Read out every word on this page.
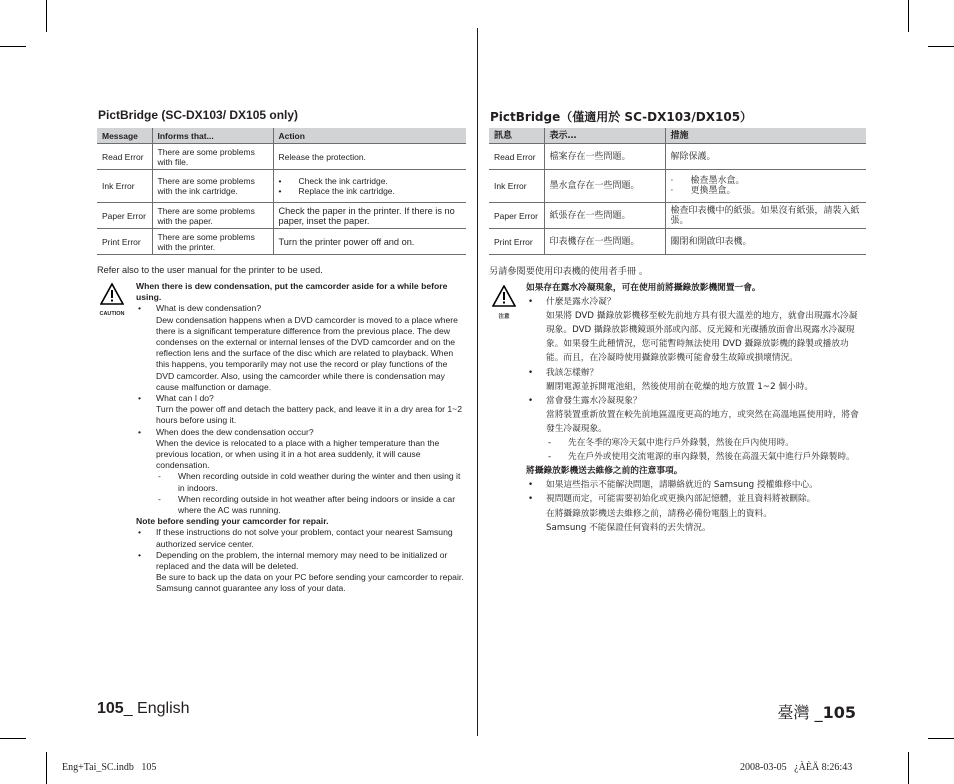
PictBridge (SC-DX103/ DX105 only)
Message	Informs that...	Action
Read Error	There are some problems with file.	Release the protection.
Ink Error	There are some problems with the ink cartridge.	• Check the ink cartridge.
• Replace the ink cartridge.

Paper Error	There are some problems with the paper.	Check the paper in the printer. If there is no paper, inset the paper.
Print Error	There are some problems with the printer.	Turn the printer power off and on.
Refer also to the user manual for the printer to be used.
CAUTION

When there is dew condensation, put the camcorder aside for a while before using.

•	What is dew condensation?
Dew condensation happens when a DVD camcorder is moved to a place where there is a significant temperature difference from the previous place. The dew condenses on the external or internal lenses of the DVD camcorder and on the reflection lens and the surface of the disc which are related to playback. When this happens, you temporarily may not use the record or play functions of the DVD camcorder. Also, using the camcorder while there is condensation may cause malfunction or damage.
•	What can I do?
Turn the power off and detach the battery pack, and leave it in a dry area for 1~2 hours before using it.
•	When does the dew condensation occur?
When the device is relocated to a place with a higher temperature than the previous location, or when using it in a hot area suddenly, it will cause condensation.
-	When recording outside in cold weather during the winter and then using it in indoors.
-	When recording outside in hot weather after being indoors or inside a car where the AC was running.

Note before sending your camcorder for repair.

•	If these instructions do not solve your problem, contact your nearest Samsung authorized service center.
•	Depending on the problem, the internal memory may need to be initialized or replaced and the data will be deleted.
Be sure to back up the data on your PC before sending your camcorder to repair.
Samsung cannot guarantee any loss of your data.
105_ English
PictBridge（僅適用於 SC-DX103/DX105）
訊息	表示…	措施
Read Error	檔案存在一些問題。	解除保護。
Ink Error	墨水盒存在一些問題。	· 檢查墨水盒。
· 更換墨盒。

Paper Error	紙張存在一些問題。	檢查印表機中的紙張。如果沒有紙張，請裝入紙張。
Print Error	印表機存在一些問題。	關閉和開啟印表機。
另請參閱要使用印表機的使用者手冊 。
注意

如果存在露水冷凝現象，可在使用前將攝錄放影機閒置一會。

•	什麼是露水冷凝？
如果將 DVD 攝錄放影機移至較先前地方具有很大溫差的地方，就會出現露水冷凝現象。DVD 攝錄放影機鏡頭外部或內部、反光鏡和光碟播放面會出現露水冷凝現象。如果發生此種情況，您可能暫時無法使用 DVD 攝錄放影機的錄製或播放功能。而且，在冷凝時使用攝錄放影機可能會發生故障或損壞情況。
•	我該怎樣辦？
關閉電源並拆開電池組，然後使用前在乾燥的地方放置 1~2 個小時。
•	當會發生露水冷凝現象？
當將裝置重新放置在較先前地區溫度更高的地方，或突然在高溫地區使用時，將會發生冷凝現象。
-	先在冬季的寒冷天氣中進行戶外錄製，然後在戶內使用時。
-	先在戶外或使用交流電源的車內錄製，然後在高溫天氣中進行戶外錄製時。

將攝錄放影機送去維修之前的注意事項。

•	如果這些指示不能解決問題，請聯絡就近的 Samsung 授權維修中心。
•	視問題而定，可能需要初始化或更換內部記憶體，並且資料將被刪除。
在將攝錄放影機送去維修之前，請務必備份電腦上的資料。
Samsung 不能保證任何資料的丟失情況。
臺灣 _105
Eng+Tai_SC.indb   105	2008-03-05   ¿ÀÈÄ 8:26:43
